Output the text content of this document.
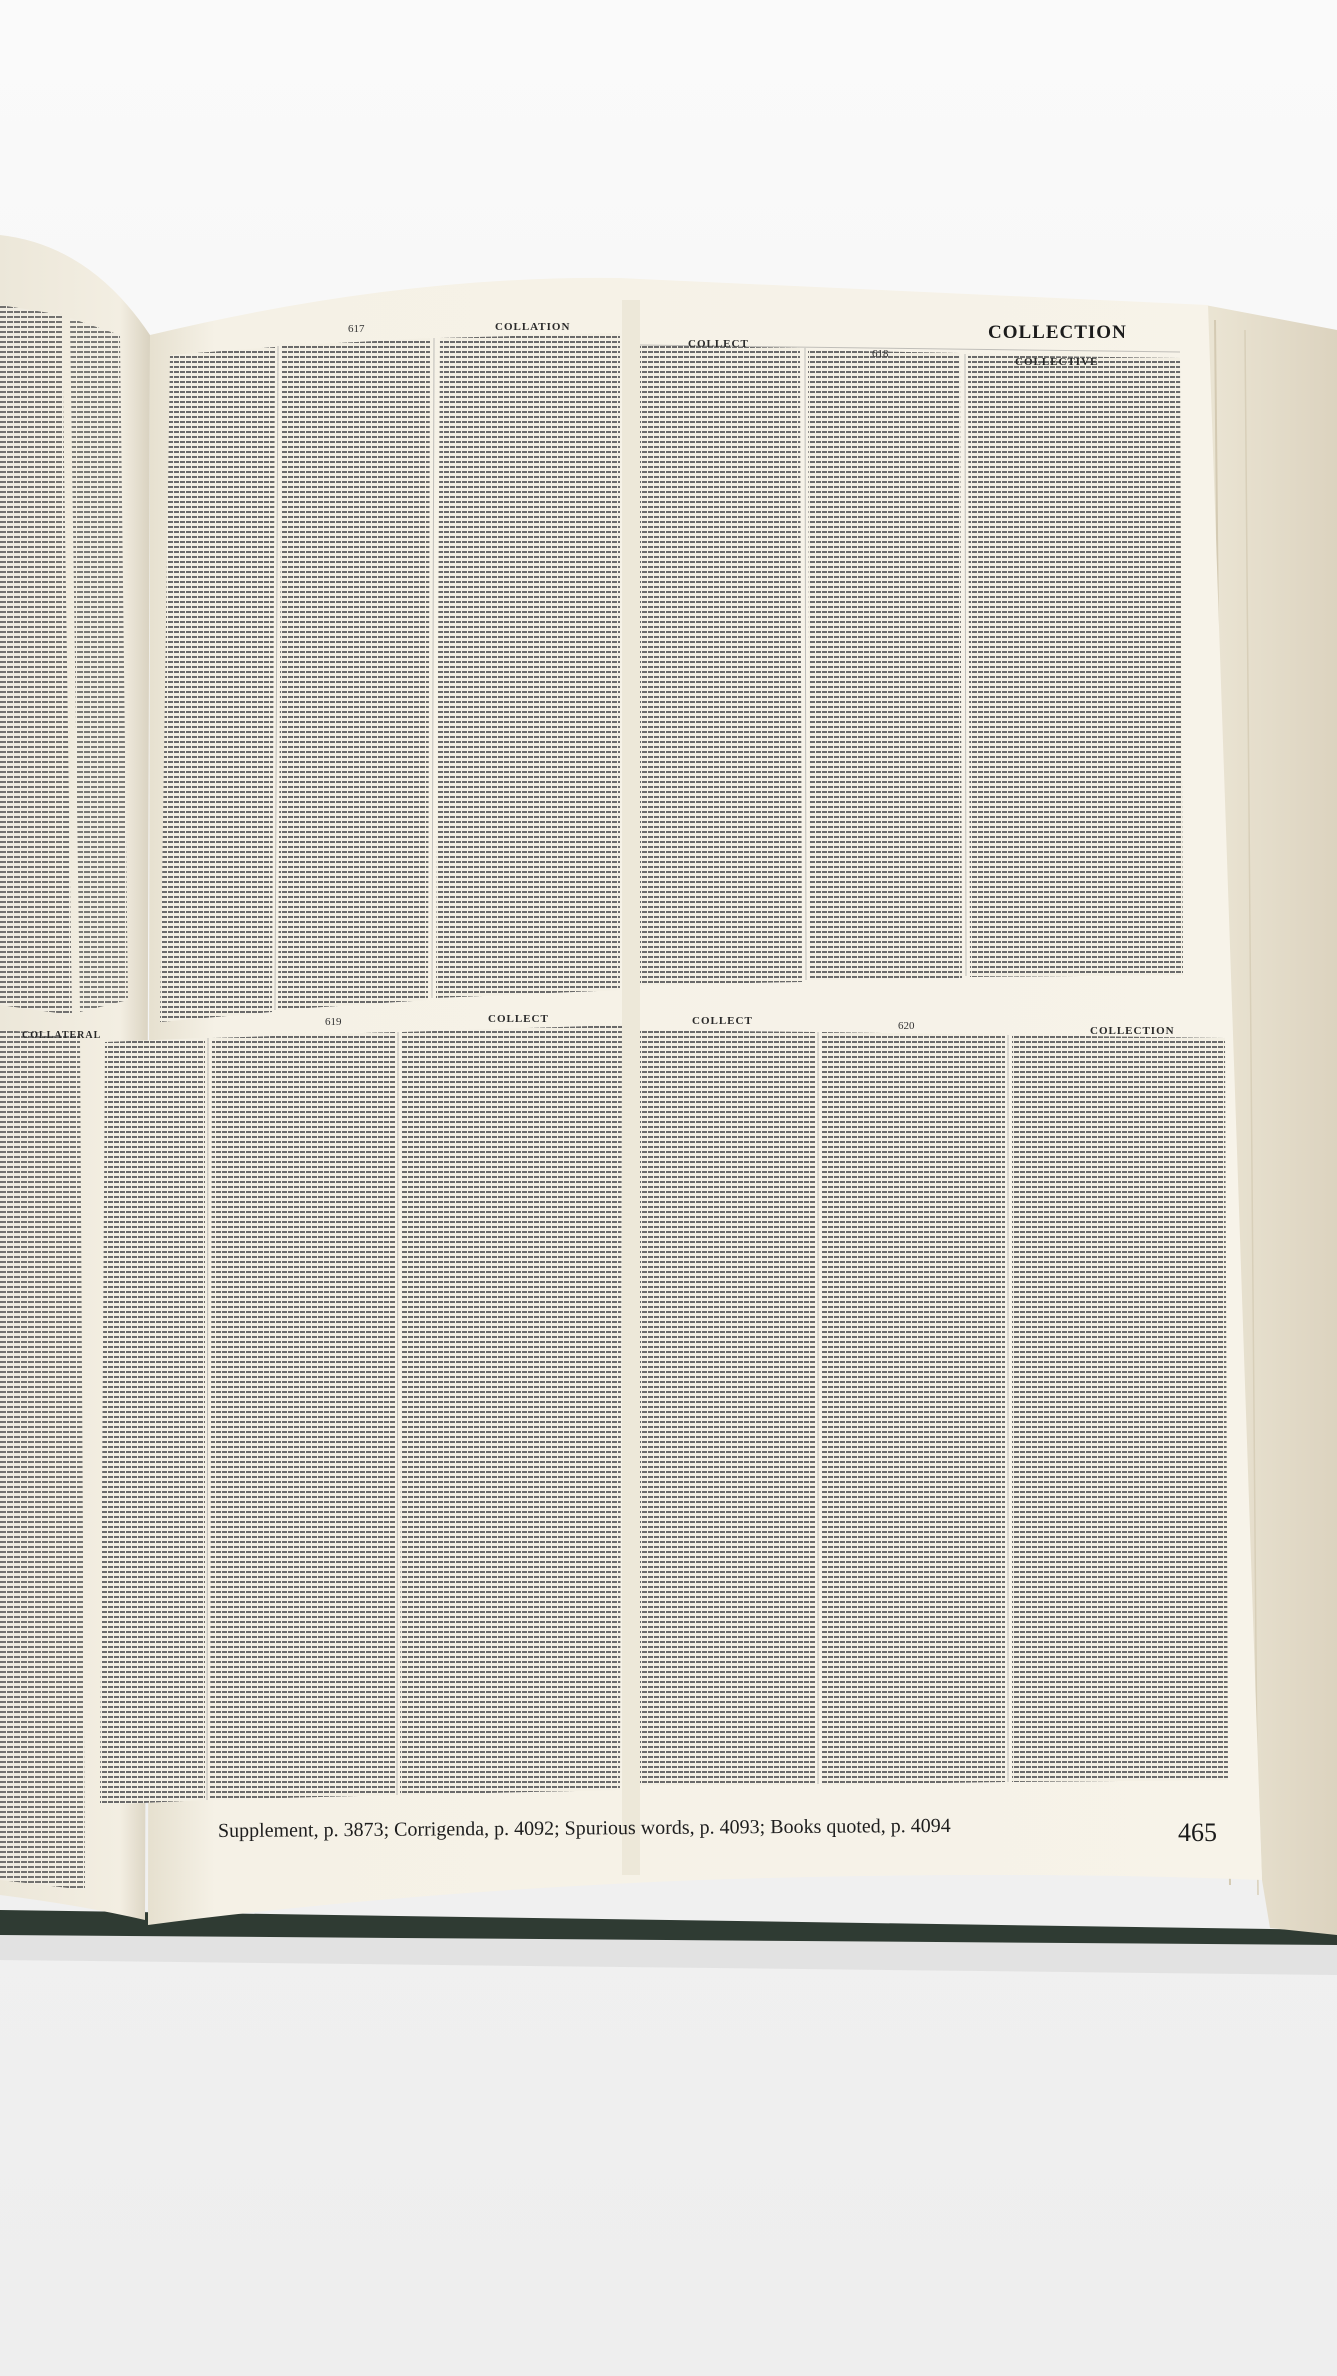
617	COLLATION
COLLECT
618
COLLECTION
COLLECTIVE
COLLATERAL
619	COLLECT	COLLECT	620	COLLECTION
Supplement, p. 3873; Corrigenda, p. 4092; Spurious words, p. 4093; Books quoted, p. 4094	465
